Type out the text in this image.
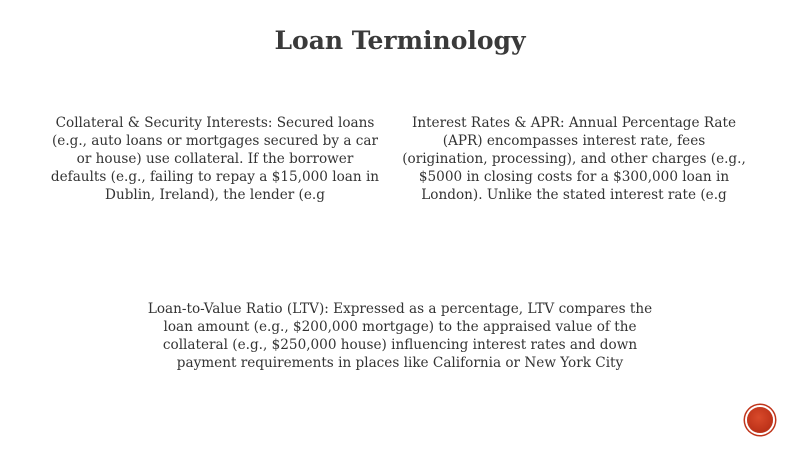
Loan Terminology
Collateral & Security Interests: Secured loans (e.g., auto loans or mortgages secured by a car or house) use collateral. If the borrower defaults (e.g., failing to repay a $15,000 loan in Dublin, Ireland), the lender (e.g
Interest Rates & APR: Annual Percentage Rate (APR) encompasses interest rate, fees (origination, processing), and other charges (e.g., $5000 in closing costs for a $300,000 loan in London). Unlike the stated interest rate (e.g
Loan-to-Value Ratio (LTV): Expressed as a percentage, LTV compares the loan amount (e.g., $200,000 mortgage) to the appraised value of the collateral (e.g., $250,000 house) influencing interest rates and down payment requirements in places like California or New York City
